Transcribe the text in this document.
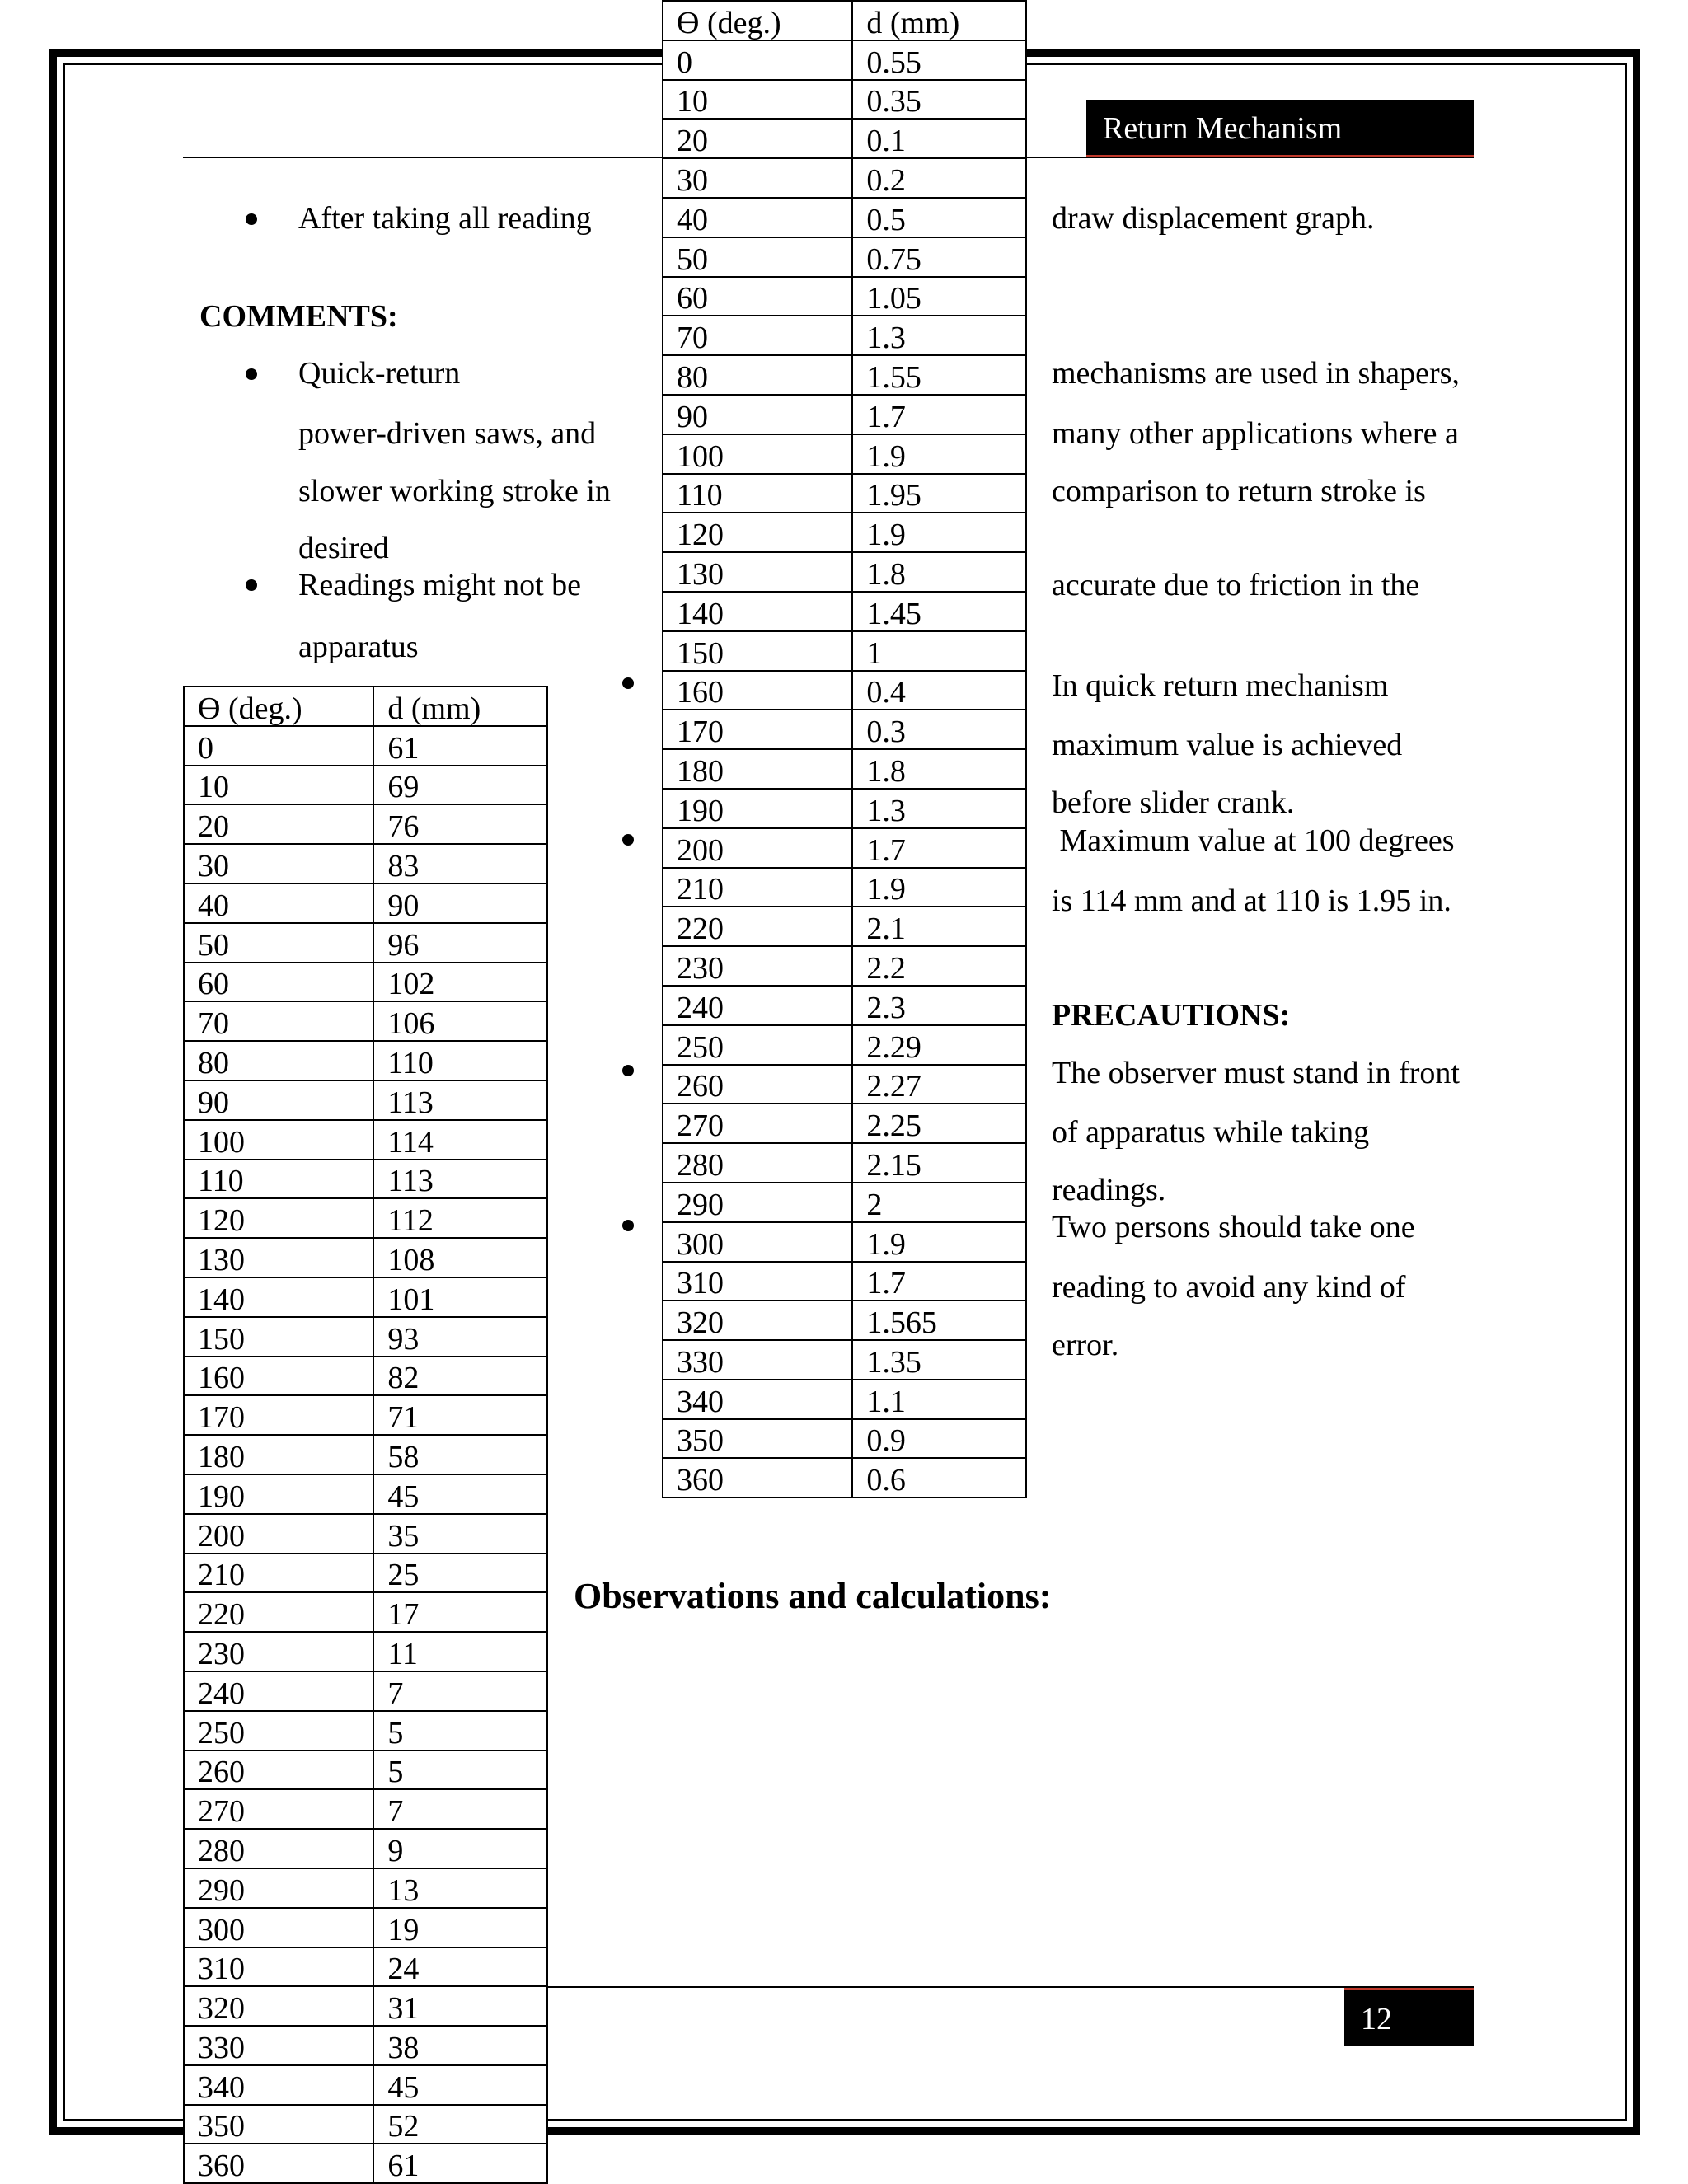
Return Mechanism
12
After taking all reading	draw displacement graph.
COMMENTS:
Quick-return
power-driven saws, and
slower working stroke in
desired
mechanisms are used in shapers,
many other applications where a
comparison to return stroke is
Readings might not be
apparatus
accurate due to friction in the
In quick return mechanism
maximum value is achieved
before slider crank.
Maximum value at 100 degrees
is 114 mm and at 110 is 1.95 in.
PRECAUTIONS:
The observer must stand in front
of apparatus while taking
readings.
Two persons should take one
reading to avoid any kind of
error.
Observations and calculations:
ϴ (deg.)	d (mm)
0	0.55
10	0.35
20	0.1
30	0.2
40	0.5
50	0.75
60	1.05
70	1.3
80	1.55
90	1.7
100	1.9
110	1.95
120	1.9
130	1.8
140	1.45
150	1
160	0.4
170	0.3
180	1.8
190	1.3
200	1.7
210	1.9
220	2.1
230	2.2
240	2.3
250	2.29
260	2.27
270	2.25
280	2.15
290	2
300	1.9
310	1.7
320	1.565
330	1.35
340	1.1
350	0.9
360	0.6
ϴ (deg.)	d (mm)
0	61
10	69
20	76
30	83
40	90
50	96
60	102
70	106
80	110
90	113
100	114
110	113
120	112
130	108
140	101
150	93
160	82
170	71
180	58
190	45
200	35
210	25
220	17
230	11
240	7
250	5
260	5
270	7
280	9
290	13
300	19
310	24
320	31
330	38
340	45
350	52
360	61
